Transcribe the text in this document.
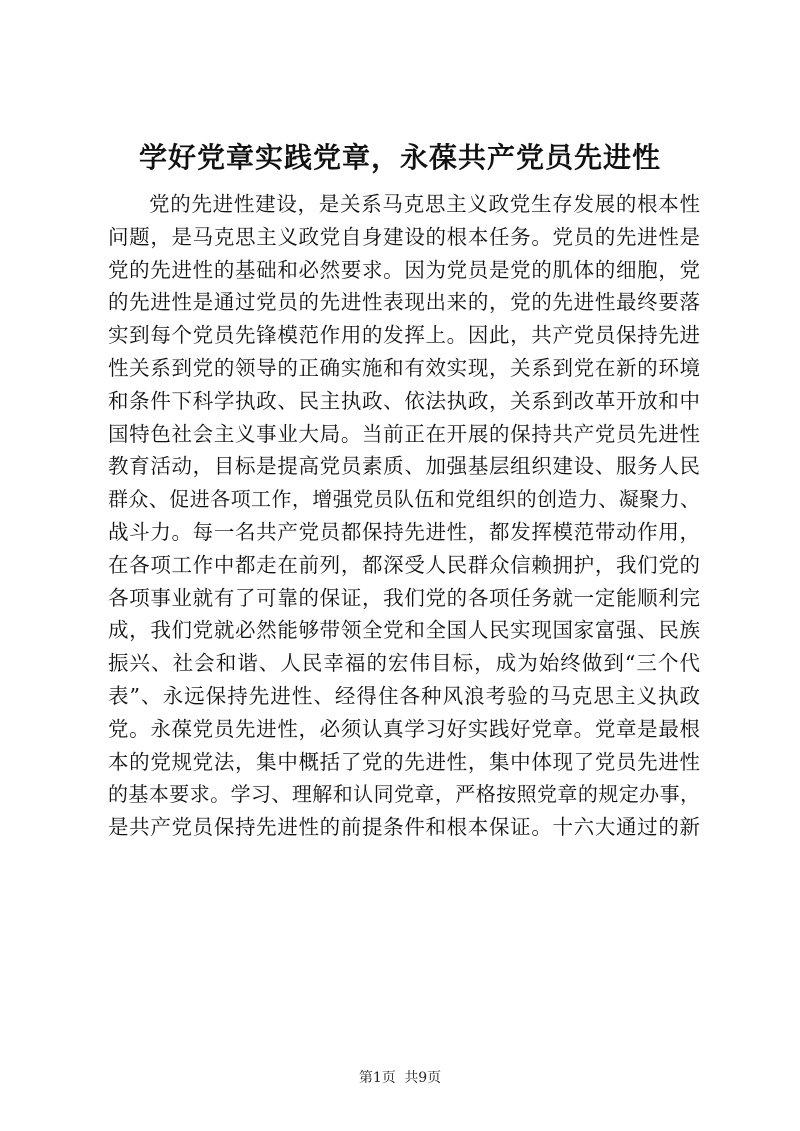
学好党章实践党章，永葆共产党员先进性
党的先进性建设，是关系马克思主义政党生存发展的根本性
问题，是马克思主义政党自身建设的根本任务。党员的先进性是
党的先进性的基础和必然要求。因为党员是党的肌体的细胞，党
的先进性是通过党员的先进性表现出来的，党的先进性最终要落
实到每个党员先锋模范作用的发挥上。因此，共产党员保持先进
性关系到党的领导的正确实施和有效实现，关系到党在新的环境
和条件下科学执政、民主执政、依法执政，关系到改革开放和中
国特色社会主义事业大局。当前正在开展的保持共产党员先进性
教育活动，目标是提高党员素质、加强基层组织建设、服务人民
群众、促进各项工作，增强党员队伍和党组织的创造力、凝聚力、
战斗力。每一名共产党员都保持先进性，都发挥模范带动作用，
在各项工作中都走在前列，都深受人民群众信赖拥护，我们党的
各项事业就有了可靠的保证，我们党的各项任务就一定能顺利完
成，我们党就必然能够带领全党和全国人民实现国家富强、民族
振兴、社会和谐、人民幸福的宏伟目标，成为始终做到“三个代
表”、永远保持先进性、经得住各种风浪考验的马克思主义执政
党。永葆党员先进性，必须认真学习好实践好党章。党章是最根
本的党规党法，集中概括了党的先进性，集中体现了党员先进性
的基本要求。学习、理解和认同党章，严格按照党章的规定办事，
是共产党员保持先进性的前提条件和根本保证。十六大通过的新
第1页 共9页
